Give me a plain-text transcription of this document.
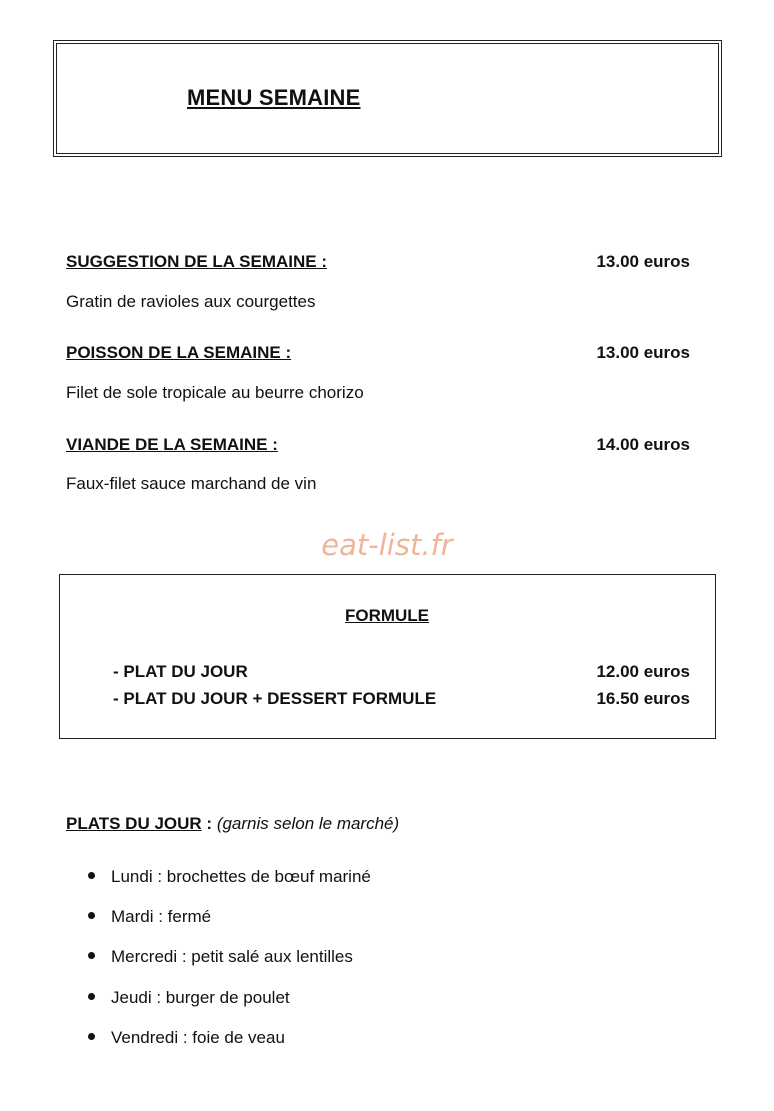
MENU SEMAINE
SUGGESTION DE LA SEMAINE :	13.00 euros
Gratin de ravioles aux courgettes
POISSON DE LA SEMAINE :	13.00 euros
Filet de sole tropicale au beurre chorizo
VIANDE DE LA SEMAINE :	14.00 euros
Faux-filet sauce marchand de vin
eat-list.fr
FORMULE
- PLAT DU JOUR	12.00 euros
- PLAT DU JOUR + DESSERT FORMULE	16.50 euros
PLATS DU JOUR : (garnis selon le marché)
Lundi : brochettes de bœuf mariné
Mardi : fermé
Mercredi : petit salé aux lentilles
Jeudi : burger de poulet
Vendredi : foie de veau
